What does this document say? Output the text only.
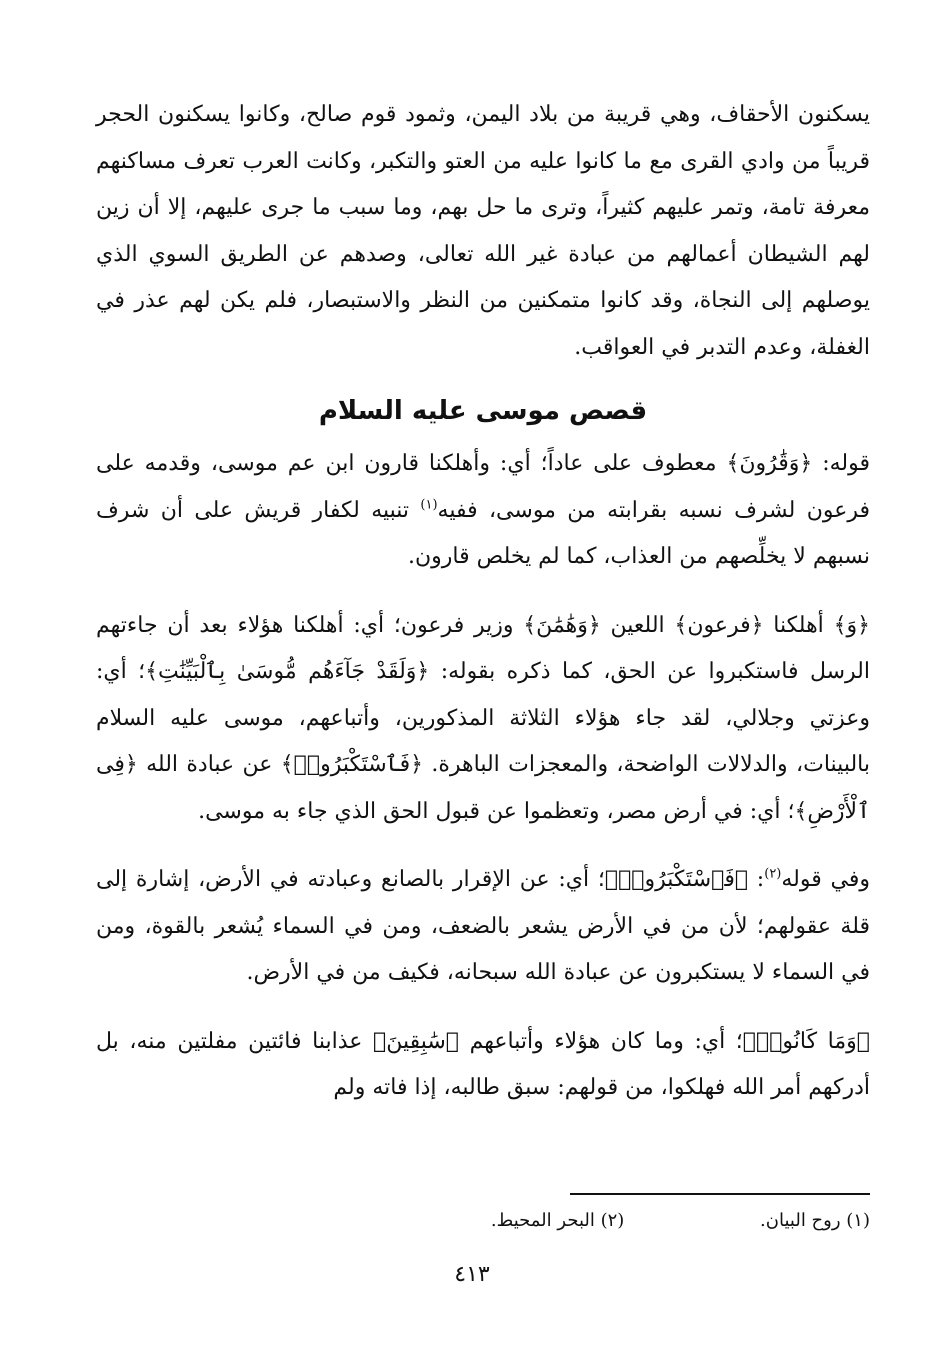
يسكنون الأحقاف، وهي قريبة من بلاد اليمن، وثمود قوم صالح، وكانوا يسكنون الحجر قريباً من وادي القرى مع ما كانوا عليه من العتو والتكبر، وكانت العرب تعرف مساكنهم معرفة تامة، وتمر عليهم كثيراً، وترى ما حل بهم، وما سبب ما جرى عليهم، إلا أن زين لهم الشيطان أعمالهم من عبادة غير الله تعالى، وصدهم عن الطريق السوي الذي يوصلهم إلى النجاة، وقد كانوا متمكنين من النظر والاستبصار، فلم يكن لهم عذر في الغفلة، وعدم التدبر في العواقب.

قصص موسى عليه السلام

قوله: ﴿وَقَٰرُونَ﴾ معطوف على عاداً؛ أي: وأهلكنا قارون ابن عم موسى، وقدمه على فرعون لشرف نسبه بقرابته من موسى، ففيه$^{(١)}$ تنبيه لكفار قريش على أن شرف نسبهم لا يخلِّصهم من العذاب، كما لم يخلص قارون.

﴿وَ﴾ أهلكنا ﴿فرعون﴾ اللعين ﴿وَهَٰمَٰنَ﴾ وزير فرعون؛ أي: أهلكنا هؤلاء بعد أن جاءتهم الرسل فاستكبروا عن الحق، كما ذكره بقوله: ﴿وَلَقَدْ جَآءَهُم مُّوسَىٰ بِٱلْبَيِّنَٰتِ﴾؛ أي: وعزتي وجلالي، لقد جاء هؤلاء الثلاثة المذكورين، وأتباعهم، موسى عليه السلام بالبينات، والدلالات الواضحة، والمعجزات الباهرة. ﴿فَٱسْتَكْبَرُوا۟﴾ عن عبادة الله ﴿فِى ٱلْأَرْضِ﴾؛ أي: في أرض مصر، وتعظموا عن قبول الحق الذي جاء به موسى.

وفي قوله$^{(٢)}$: ﴿فَٱسْتَكْبَرُوا۟﴾؛ أي: عن الإقرار بالصانع وعبادته في الأرض، إشارة إلى قلة عقولهم؛ لأن من في الأرض يشعر بالضعف، ومن في السماء يُشعر بالقوة، ومن في السماء لا يستكبرون عن عبادة الله سبحانه، فكيف من في الأرض.

﴿وَمَا كَانُوا۟﴾؛ أي: وما كان هؤلاء وأتباعهم ﴿سَٰبِقِينَ﴾ عذابنا فائتين مفلتين منه، بل أدركهم أمر الله فهلكوا، من قولهم: سبق طالبه، إذا فاته ولم

(١) روح البيان. (٢) البحر المحيط.
٤١٣
